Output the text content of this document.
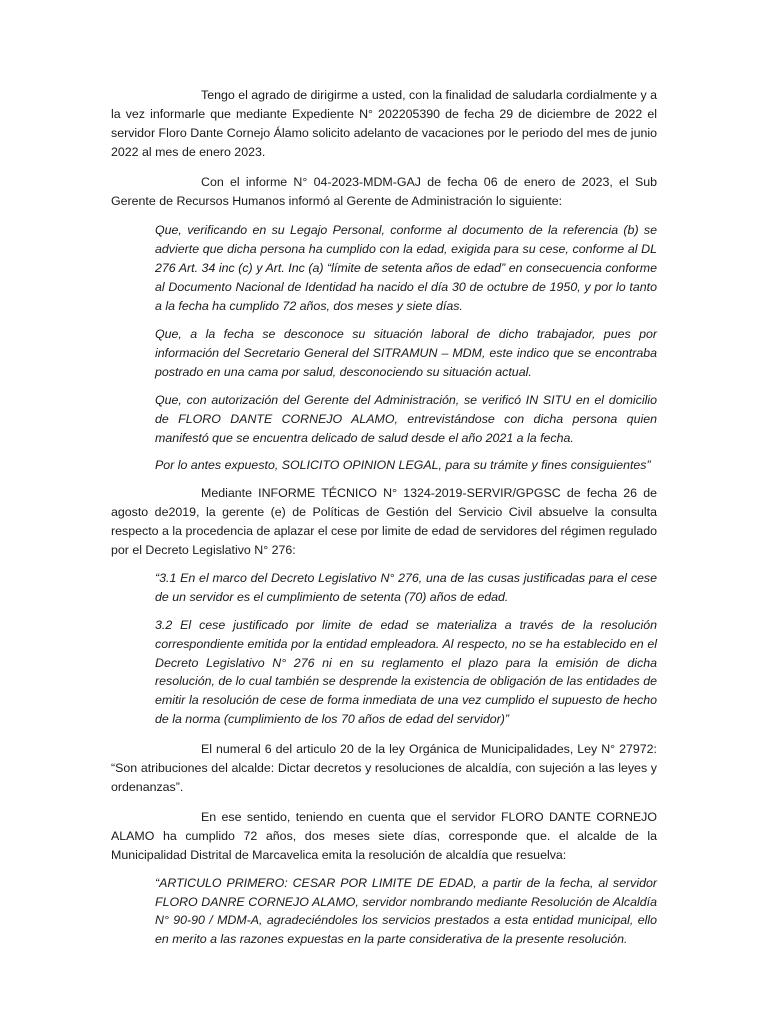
Tengo el agrado de dirigirme a usted, con la finalidad de saludarla cordialmente y a la vez informarle que mediante Expediente N° 202205390 de fecha 29 de diciembre de 2022 el servidor Floro Dante Cornejo Álamo solicito adelanto de vacaciones por le periodo del mes de junio 2022 al mes de enero 2023.

Con el informe N° 04-2023-MDM-GAJ de fecha 06 de enero de 2023, el Sub Gerente de Recursos Humanos informó al Gerente de Administración lo siguiente:

Que, verificando en su Legajo Personal, conforme al documento de la referencia (b) se advierte que dicha persona ha cumplido con la edad, exigida para su cese, conforme al DL 276 Art. 34 inc (c) y Art. Inc (a) “límite de setenta años de edad” en consecuencia conforme al Documento Nacional de Identidad ha nacido el día 30 de octubre de 1950, y por lo tanto a la fecha ha cumplido 72 años, dos meses y siete días.

Que, a la fecha se desconoce su situación laboral de dicho trabajador, pues por información del Secretario General del SITRAMUN – MDM, este indico que se encontraba postrado en una cama por salud, desconociendo su situación actual.

Que, con autorización del Gerente del Administración, se verificó IN SITU en el domicilio de FLORO DANTE CORNEJO ALAMO, entrevistándose con dicha persona quien manifestó que se encuentra delicado de salud desde el año 2021 a la fecha.

Por lo antes expuesto, SOLICITO OPINION LEGAL, para su trámite y fines consiguientes”

Mediante INFORME TÉCNICO N° 1324-2019-SERVIR/GPGSC de fecha 26 de agosto de2019, la gerente (e) de Políticas de Gestión del Servicio Civil absuelve la consulta respecto a la procedencia de aplazar el cese por limite de edad de servidores del régimen regulado por el Decreto Legislativo N° 276:

“3.1 En el marco del Decreto Legislativo N° 276, una de las cusas justificadas para el cese de un servidor es el cumplimiento de setenta (70) años de edad.

3.2 El cese justificado por limite de edad se materializa a través de la resolución correspondiente emitida por la entidad empleadora. Al respecto, no se ha establecido en el Decreto Legislativo N° 276 ni en su reglamento el plazo para la emisión de dicha resolución, de lo cual también se desprende la existencia de obligación de las entidades de emitir la resolución de cese de forma inmediata de una vez cumplido el supuesto de hecho de la norma (cumplimiento de los 70 años de edad del servidor)”

El numeral 6 del articulo 20 de la ley Orgánica de Municipalidades, Ley N° 27972: “Son atribuciones del alcalde: Dictar decretos y resoluciones de alcaldía, con sujeción a las leyes y ordenanzas”.

En ese sentido, teniendo en cuenta que el servidor FLORO DANTE CORNEJO ALAMO ha cumplido 72 años, dos meses siete días, corresponde que. el alcalde de la Municipalidad Distrital de Marcavelica emita la resolución de alcaldía que resuelva:

“ARTICULO PRIMERO: CESAR POR LIMITE DE EDAD, a partir de la fecha, al servidor FLORO DANRE CORNEJO ALAMO, servidor nombrando mediante Resolución de Alcaldía N° 90-90 / MDM-A, agradeciéndoles los servicios prestados a esta entidad municipal, ello en merito a las razones expuestas en la parte considerativa de la presente resolución.
